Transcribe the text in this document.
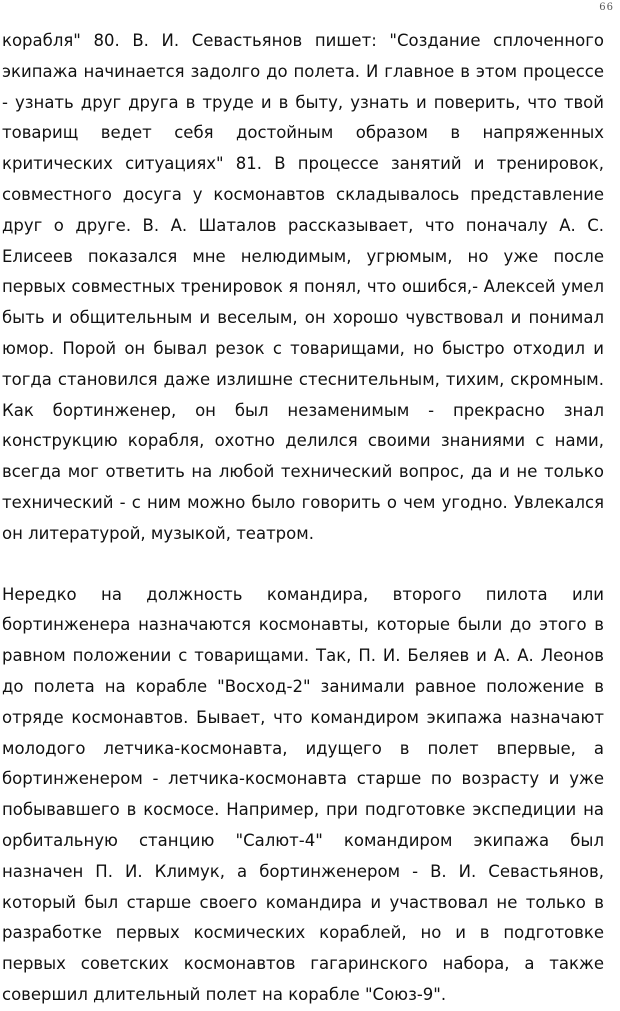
66

корабля" 80. В. И. Севастьянов пишет: "Создание сплоченного экипажа начинается задолго до полета. И главное в этом процессе - узнать друг друга в труде и в быту, узнать и поверить, что твой товарищ ведет себя достойным образом в напряженных критических ситуациях" 81. В процессе занятий и тренировок, совместного досуга у космонавтов складывалось представление друг о друге. В. А. Шаталов рассказывает, что поначалу А. С. Елисеев показался мне нелюдимым, угрюмым, но уже после первых совместных тренировок я понял, что ошибся,- Алексей умел быть и общительным и веселым, он хорошо чувствовал и понимал юмор. Порой он бывал резок с товарищами, но быстро отходил и тогда становился даже излишне стеснительным, тихим, скромным. Как бортинженер, он был незаменимым - прекрасно знал конструкцию корабля, охотно делился своими знаниями с нами, всегда мог ответить на любой технический вопрос, да и не только технический - с ним можно было говорить о чем угодно. Увлекался он литературой, музыкой, театром.

Нередко на должность командира, второго пилота или бортинженера назначаются космонавты, которые были до этого в равном положении с товарищами. Так, П. И. Беляев и А. А. Леонов до полета на корабле "Восход-2" занимали равное положение в отряде космонавтов. Бывает, что командиром экипажа назначают молодого летчика-космонавта, идущего в полет впервые, а бортинженером - летчика-космонавта старше по возрасту и уже побывавшего в космосе. Например, при подготовке экспедиции на орбитальную станцию "Салют-4" командиром экипажа был назначен П. И. Климук, а бортинженером - В. И. Севастьянов, который был старше своего командира и участвовал не только в разработке первых космических кораблей, но и в подготовке первых советских космонавтов гагаринского набора, а также совершил длительный полет на корабле "Союз-9".
